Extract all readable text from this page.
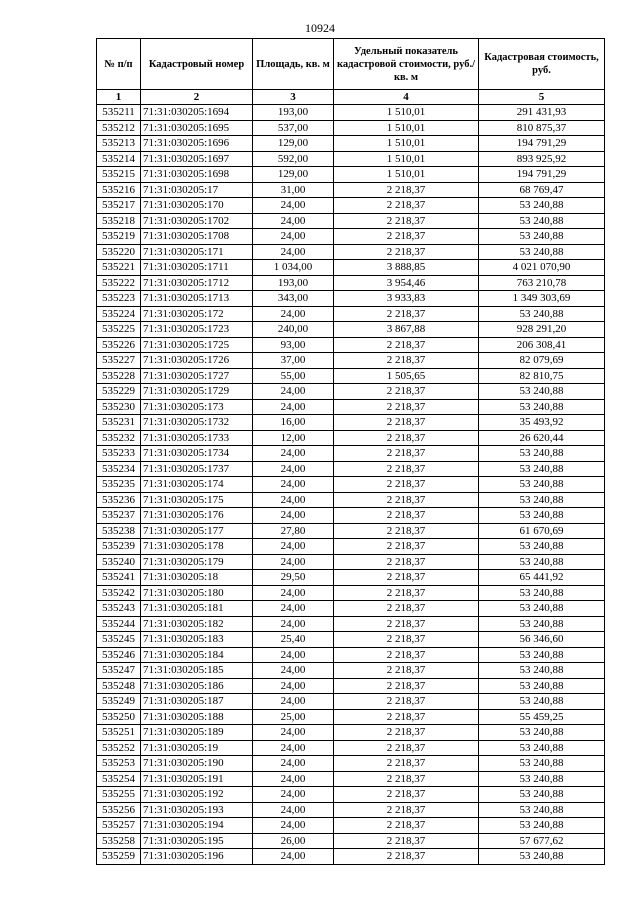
10924
№ п/п	Кадастровый номер	Площадь, кв. м	Удельный показатель кадастровой стоимости, руб./кв. м	Кадастровая стоимость, руб.
1	2	3	4	5
535211	71:31:030205:1694	193,00	1 510,01	291 431,93
535212	71:31:030205:1695	537,00	1 510,01	810 875,37
535213	71:31:030205:1696	129,00	1 510,01	194 791,29
535214	71:31:030205:1697	592,00	1 510,01	893 925,92
535215	71:31:030205:1698	129,00	1 510,01	194 791,29
535216	71:31:030205:17	31,00	2 218,37	68 769,47
535217	71:31:030205:170	24,00	2 218,37	53 240,88
535218	71:31:030205:1702	24,00	2 218,37	53 240,88
535219	71:31:030205:1708	24,00	2 218,37	53 240,88
535220	71:31:030205:171	24,00	2 218,37	53 240,88
535221	71:31:030205:1711	1 034,00	3 888,85	4 021 070,90
535222	71:31:030205:1712	193,00	3 954,46	763 210,78
535223	71:31:030205:1713	343,00	3 933,83	1 349 303,69
535224	71:31:030205:172	24,00	2 218,37	53 240,88
535225	71:31:030205:1723	240,00	3 867,88	928 291,20
535226	71:31:030205:1725	93,00	2 218,37	206 308,41
535227	71:31:030205:1726	37,00	2 218,37	82 079,69
535228	71:31:030205:1727	55,00	1 505,65	82 810,75
535229	71:31:030205:1729	24,00	2 218,37	53 240,88
535230	71:31:030205:173	24,00	2 218,37	53 240,88
535231	71:31:030205:1732	16,00	2 218,37	35 493,92
535232	71:31:030205:1733	12,00	2 218,37	26 620,44
535233	71:31:030205:1734	24,00	2 218,37	53 240,88
535234	71:31:030205:1737	24,00	2 218,37	53 240,88
535235	71:31:030205:174	24,00	2 218,37	53 240,88
535236	71:31:030205:175	24,00	2 218,37	53 240,88
535237	71:31:030205:176	24,00	2 218,37	53 240,88
535238	71:31:030205:177	27,80	2 218,37	61 670,69
535239	71:31:030205:178	24,00	2 218,37	53 240,88
535240	71:31:030205:179	24,00	2 218,37	53 240,88
535241	71:31:030205:18	29,50	2 218,37	65 441,92
535242	71:31:030205:180	24,00	2 218,37	53 240,88
535243	71:31:030205:181	24,00	2 218,37	53 240,88
535244	71:31:030205:182	24,00	2 218,37	53 240,88
535245	71:31:030205:183	25,40	2 218,37	56 346,60
535246	71:31:030205:184	24,00	2 218,37	53 240,88
535247	71:31:030205:185	24,00	2 218,37	53 240,88
535248	71:31:030205:186	24,00	2 218,37	53 240,88
535249	71:31:030205:187	24,00	2 218,37	53 240,88
535250	71:31:030205:188	25,00	2 218,37	55 459,25
535251	71:31:030205:189	24,00	2 218,37	53 240,88
535252	71:31:030205:19	24,00	2 218,37	53 240,88
535253	71:31:030205:190	24,00	2 218,37	53 240,88
535254	71:31:030205:191	24,00	2 218,37	53 240,88
535255	71:31:030205:192	24,00	2 218,37	53 240,88
535256	71:31:030205:193	24,00	2 218,37	53 240,88
535257	71:31:030205:194	24,00	2 218,37	53 240,88
535258	71:31:030205:195	26,00	2 218,37	57 677,62
535259	71:31:030205:196	24,00	2 218,37	53 240,88
